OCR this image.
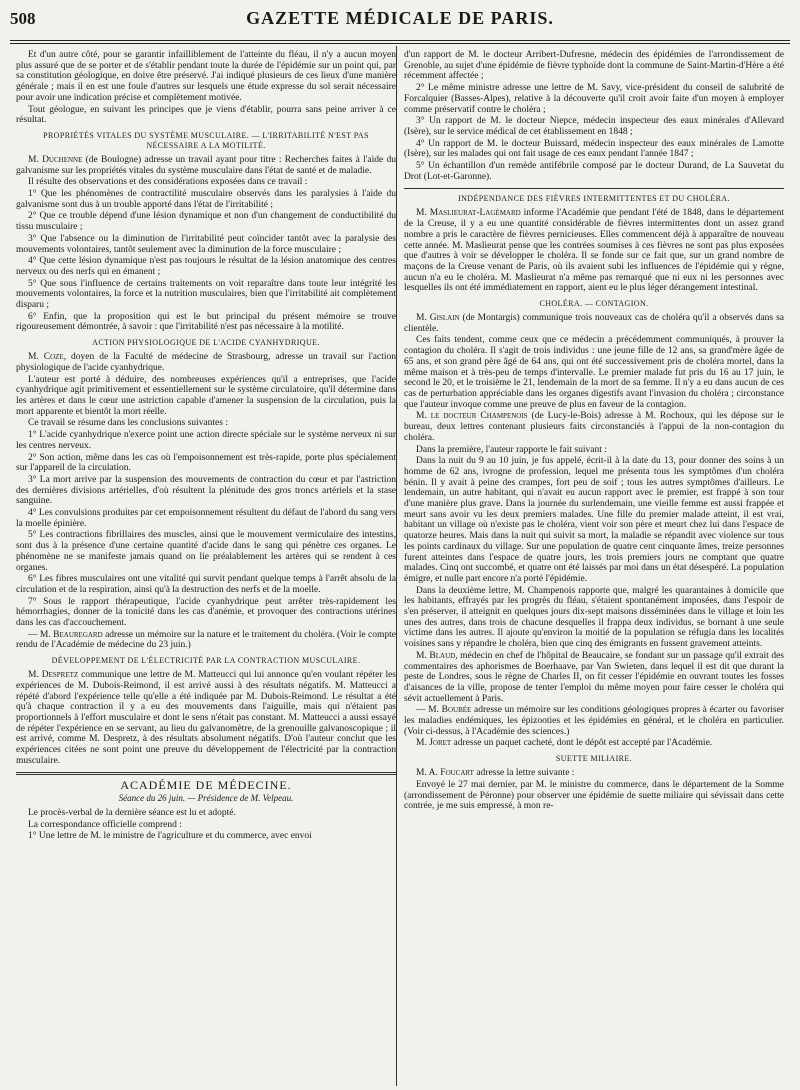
508	GAZETTE MÉDICALE DE PARIS.

Et d'un autre côté, pour se garantir infailliblement de l'atteinte du fléau, il n'y a aucun moyen plus assuré que de se porter et de s'établir pendant toute la durée de l'épidémie sur un point qui, par sa constitution géologique, en doive être préservé. J'ai indiqué plusieurs de ces lieux d'une manière générale ; mais il en est une foule d'autres sur lesquels une étude expresse du sol serait nécessaire pour avoir une indication précise et complètement motivée.

Tout géologue, en suivant les principes que je viens d'établir, pourra sans peine arriver à ce résultat.

PROPRIÉTÉS VITALES DU SYSTÈME MUSCULAIRE. — L'IRRITABILITÉ N'EST PAS NÉCESSAIRE A LA MOTILITÉ.

M. Duchenne (de Boulogne) adresse un travail ayant pour titre : Recherches faites à l'aide du galvanisme sur les propriétés vitales du système musculaire dans l'état de santé et de maladie.

Il résulte des observations et des considérations exposées dans ce travail :

1° Que les phénomènes de contractilité musculaire observés dans les paralysies à l'aide du galvanisme sont dus à un trouble apporté dans l'état de l'irritabilité ;

2° Que ce trouble dépend d'une lésion dynamique et non d'un changement de conductibilité du tissu musculaire ;

3° Que l'absence ou la diminution de l'irritabilité peut coïncider tantôt avec la paralysie des mouvements volontaires, tantôt seulement avec la diminution de la force musculaire ;

4° Que cette lésion dynamique n'est pas toujours le résultat de la lésion anatomique des centres nerveux ou des nerfs qui en émanent ;

5° Que sous l'influence de certains traitements on voit reparaître dans toute leur intégrité les mouvements volontaires, la force et la nutrition musculaires, bien que l'irritabilité ait complètement disparu ;

6° Enfin, que la proposition qui est le but principal du présent mémoire se trouve rigoureusement démontrée, à savoir : que l'irritabilité n'est pas nécessaire à la motilité.

ACTION PHYSIOLOGIQUE DE L'ACIDE CYANHYDRIQUE.

M. Coze, doyen de la Faculté de médecine de Strasbourg, adresse un travail sur l'action physiologique de l'acide cyanhydrique.

L'auteur est porté à déduire, des nombreuses expériences qu'il a entreprises, que l'acide cyanhydrique agit primitivement et essentiellement sur le système circulatoire, qu'il détermine dans les artères et dans le cœur une astriction capable d'amener la suspension de la circulation, puis la mort apparente et bientôt la mort réelle.

Ce travail se résume dans les conclusions suivantes :

1° L'acide cyanhydrique n'exerce point une action directe spéciale sur le système nerveux ni sur les centres nerveux.

2° Son action, même dans les cas où l'empoisonnement est très-rapide, porte plus spécialement sur l'appareil de la circulation.

3° La mort arrive par la suspension des mouvements de contraction du cœur et par l'astriction des dernières divisions artérielles, d'où résultent la plénitude des gros troncs artériels et la stase sanguine.

4° Les convulsions produites par cet empoisonnement résultent du défaut de l'abord du sang vers la moelle épinière.

5° Les contractions fibrillaires des muscles, ainsi que le mouvement vermiculaire des intestins, sont dus à la présence d'une certaine quantité d'acide dans le sang qui pénètre ces organes. Le phénomène ne se manifeste jamais quand on lie préalablement les artères qui se rendent à ces organes.

6° Les fibres musculaires ont une vitalité qui survit pendant quelque temps à l'arrêt absolu de la circulation et de la respiration, ainsi qu'à la destruction des nerfs et de la moelle.

7° Sous le rapport thérapeutique, l'acide cyanhydrique peut arrêter très-rapidement les hémorrhagies, donner de la tonicité dans les cas d'anémie, et provoquer des contractions utérines dans les cas d'accouchement.

— M. Beauregard adresse un mémoire sur la nature et le traitement du choléra. (Voir le compte rendu de l'Académie de médecine du 23 juin.)

DÉVELOPPEMENT DE L'ÉLECTRICITÉ PAR LA CONTRACTION MUSCULAIRE.

M. Despretz communique une lettre de M. Matteucci qui lui annonce qu'en voulant répéter les expériences de M. Dubois-Reimond, il est arrivé aussi à des résultats négatifs. M. Matteucci a répété d'abord l'expérience telle qu'elle a été indiquée par M. Dubois-Reimond. Le résultat a été qu'à chaque contraction il y a eu des mouvements dans l'aiguille, mais qui n'étaient pas proportionnels à l'effort musculaire et dont le sens n'était pas constant. M. Matteucci a aussi essayé de répéter l'expérience en se servant, au lieu du galvanomètre, de la grenouille galvanoscopique ; il est arrivé, comme M. Despretz, à des résultats absolument négatifs. D'où l'auteur conclut que les expériences citées ne sont point une preuve du développement de l'électricité par la contraction musculaire.

ACADÉMIE DE MÉDECINE.
Séance du 26 juin. — Présidence de M. Velpeau.

Le procès-verbal de la dernière séance est lu et adopté.

La correspondance officielle comprend :

1° Une lettre de M. le ministre de l'agriculture et du commerce, avec envoi

d'un rapport de M. le docteur Arribert-Dufresne, médecin des épidémies de l'arrondissement de Grenoble, au sujet d'une épidémie de fièvre typhoïde dont la commune de Saint-Martin-d'Hère a été récemment affectée ;

2° Le même ministre adresse une lettre de M. Savy, vice-président du conseil de salubrité de Forcalquier (Basses-Alpes), relative à la découverte qu'il croit avoir faite d'un moyen à employer comme préservatif contre le choléra ;

3° Un rapport de M. le docteur Niepce, médecin inspecteur des eaux minérales d'Allevard (Isère), sur le service médical de cet établissement en 1848 ;

4° Un rapport de M. le docteur Buissard, médecin inspecteur des eaux minérales de Lamotte (Isère), sur les malades qui ont fait usage de ces eaux pendant l'année 1847 ;

5° Un échantillon d'un remède antifébrile composé par le docteur Durand, de La Sauvetat du Drot (Lot-et-Garonne).

INDÉPENDANCE DES FIÈVRES INTERMITTENTES ET DU CHOLÉRA.

M. Maslieurat-Lagémard informe l'Académie que pendant l'été de 1848, dans le département de la Creuse, il y a eu une quantité considérable de fièvres intermittentes dont un assez grand nombre a pris le caractère de fièvres pernicieuses. Elles commencent déjà à apparaître de nouveau cette année. M. Maslieurat pense que les contrées soumises à ces fièvres ne sont pas plus exposées que d'autres à voir se développer le choléra. Il se fonde sur ce fait que, sur un grand nombre de maçons de la Creuse venant de Paris, où ils avaient subi les influences de l'épidémie qui y règne, aucun n'a eu le choléra. M. Maslieurat n'a même pas remarqué que ni eux ni les personnes avec lesquelles ils ont été immédiatement en rapport, aient eu le plus léger dérangement intestinal.

CHOLÉRA. — CONTAGION.

M. Gislain (de Montargis) communique trois nouveaux cas de choléra qu'il a observés dans sa clientèle.

Ces faits tendent, comme ceux que ce médecin a précédemment communiqués, à prouver la contagion du choléra. Il s'agit de trois individus : une jeune fille de 12 ans, sa grand'mère âgée de 65 ans, et son grand père âgé de 64 ans, qui ont été successivement pris de choléra mortel, dans la même maison et à très-peu de temps d'intervalle. Le premier malade fut pris du 16 au 17 juin, le second le 20, et le troisième le 21, lendemain de la mort de sa femme. Il n'y a eu dans aucun de ces cas de perturbation appréciable dans les organes digestifs avant l'invasion du choléra ; circonstance que l'auteur invoque comme une preuve de plus en faveur de la contagion.

M. le docteur Champenois (de Lucy-le-Bois) adresse à M. Rochoux, qui les dépose sur le bureau, deux lettres contenant plusieurs faits circonstanciés à l'appui de la non-contagion du choléra.

Dans la première, l'auteur rapporte le fait suivant :

Dans la nuit du 9 au 10 juin, je fus appelé, écrit-il à la date du 13, pour donner des soins à un homme de 62 ans, ivrogne de profession, lequel me présenta tous les symptômes d'un choléra bénin. Il y avait à peine des crampes, fort peu de soif ; tous les autres symptômes d'ailleurs. Le lendemain, un autre habitant, qui n'avait eu aucun rapport avec le premier, est frappé à son tour d'une manière plus grave. Dans la journée du surlendemain, une vieille femme est aussi frappée et meurt sans avoir vu les deux premiers malades. Une fille du premier malade atteint, il est vrai, habitant un village où n'existe pas le choléra, vient voir son père et meurt chez lui dans l'espace de quatorze heures. Mais dans la nuit qui suivit sa mort, la maladie se répandit avec violence sur tous les points cardinaux du village. Sur une population de quatre cent cinquante âmes, treize personnes furent atteintes dans l'espace de quatre jours, les trois premiers jours ne comptant que quatre malades. Cinq ont succombé, et quatre ont été laissés par moi dans un état désespéré. La population émigre, et nulle part encore n'a porté l'épidémie.

Dans la deuxième lettre, M. Champenois rapporte que, malgré les quarantaines à domicile que les habitants, effrayés par les progrès du fléau, s'étaient spontanément imposées, dans l'espoir de s'en préserver, il atteignit en quelques jours dix-sept maisons disséminées dans le village et loin les unes des autres, dans trois de chacune desquelles il frappa deux individus, se bornant à une seule victime dans les autres. Il ajoute qu'environ la moitié de la population se réfugia dans les localités voisines sans y répandre le choléra, bien que cinq des émigrants en fussent gravement atteints.

M. Blaud, médecin en chef de l'hôpital de Beaucaire, se fondant sur un passage qu'il extrait des commentaires des aphorismes de Boerhaave, par Van Swieten, dans lequel il est dit que durant la peste de Londres, sous le règne de Charles II, on fit cesser l'épidémie en ouvrant toutes les fosses d'aisances de la ville, propose de tenter l'emploi du même moyen pour faire cesser le choléra qui sévit actuellement à Paris.

— M. Boubée adresse un mémoire sur les conditions géologiques propres à écarter ou favoriser les maladies endémiques, les épizooties et les épidémies en général, et le choléra en particulier. (Voir ci-dessus, à l'Académie des sciences.)

M. Joret adresse un paquet cacheté, dont le dépôt est accepté par l'Académie.

SUETTE MILIAIRE.

M. A. Foucart adresse la lettre suivante :

Envoyé le 27 mai dernier, par M. le ministre du commerce, dans le département de la Somme (arrondissement de Péronne) pour observer une épidémie de suette miliaire qui sévissait dans cette contrée, je me suis empressé, à mon re-
